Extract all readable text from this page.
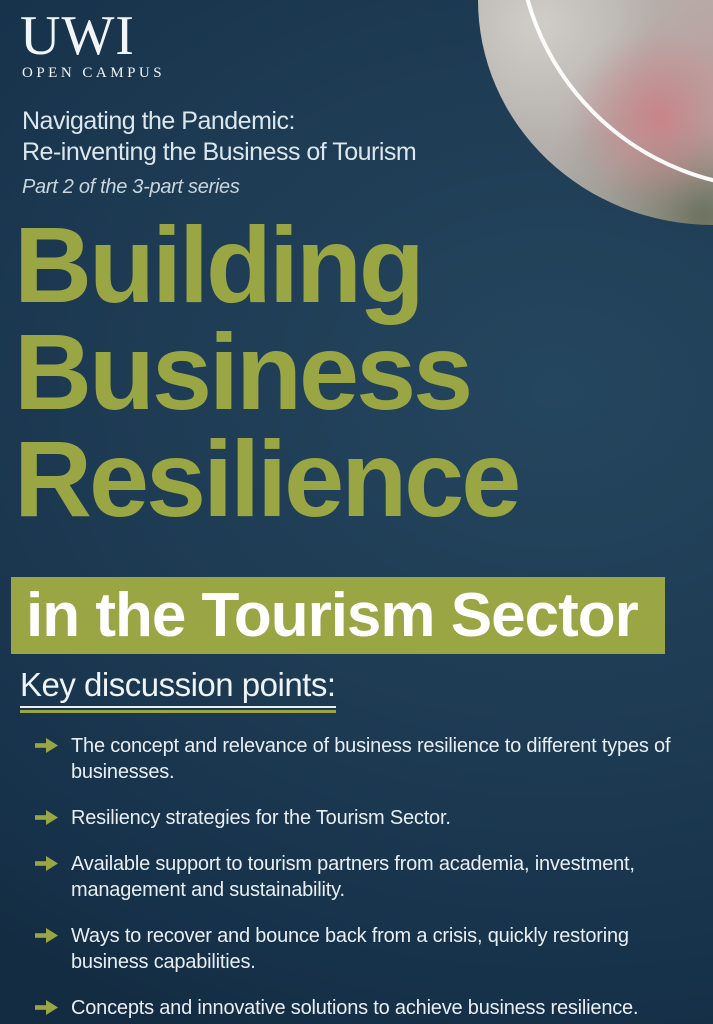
UWI
OPEN CAMPUS
Navigating the Pandemic:
Re-inventing the Business of Tourism
Part 2 of the 3-part series
Building
Business
Resilience
in the Tourism Sector
Key discussion points:
The concept and relevance of business resilience to different types of businesses.
Resiliency strategies for the Tourism Sector.
Available support to tourism partners from academia, investment, management and sustainability.
Ways to recover and bounce back from a crisis, quickly restoring business capabilities.
Concepts and innovative solutions to achieve business resilience.
